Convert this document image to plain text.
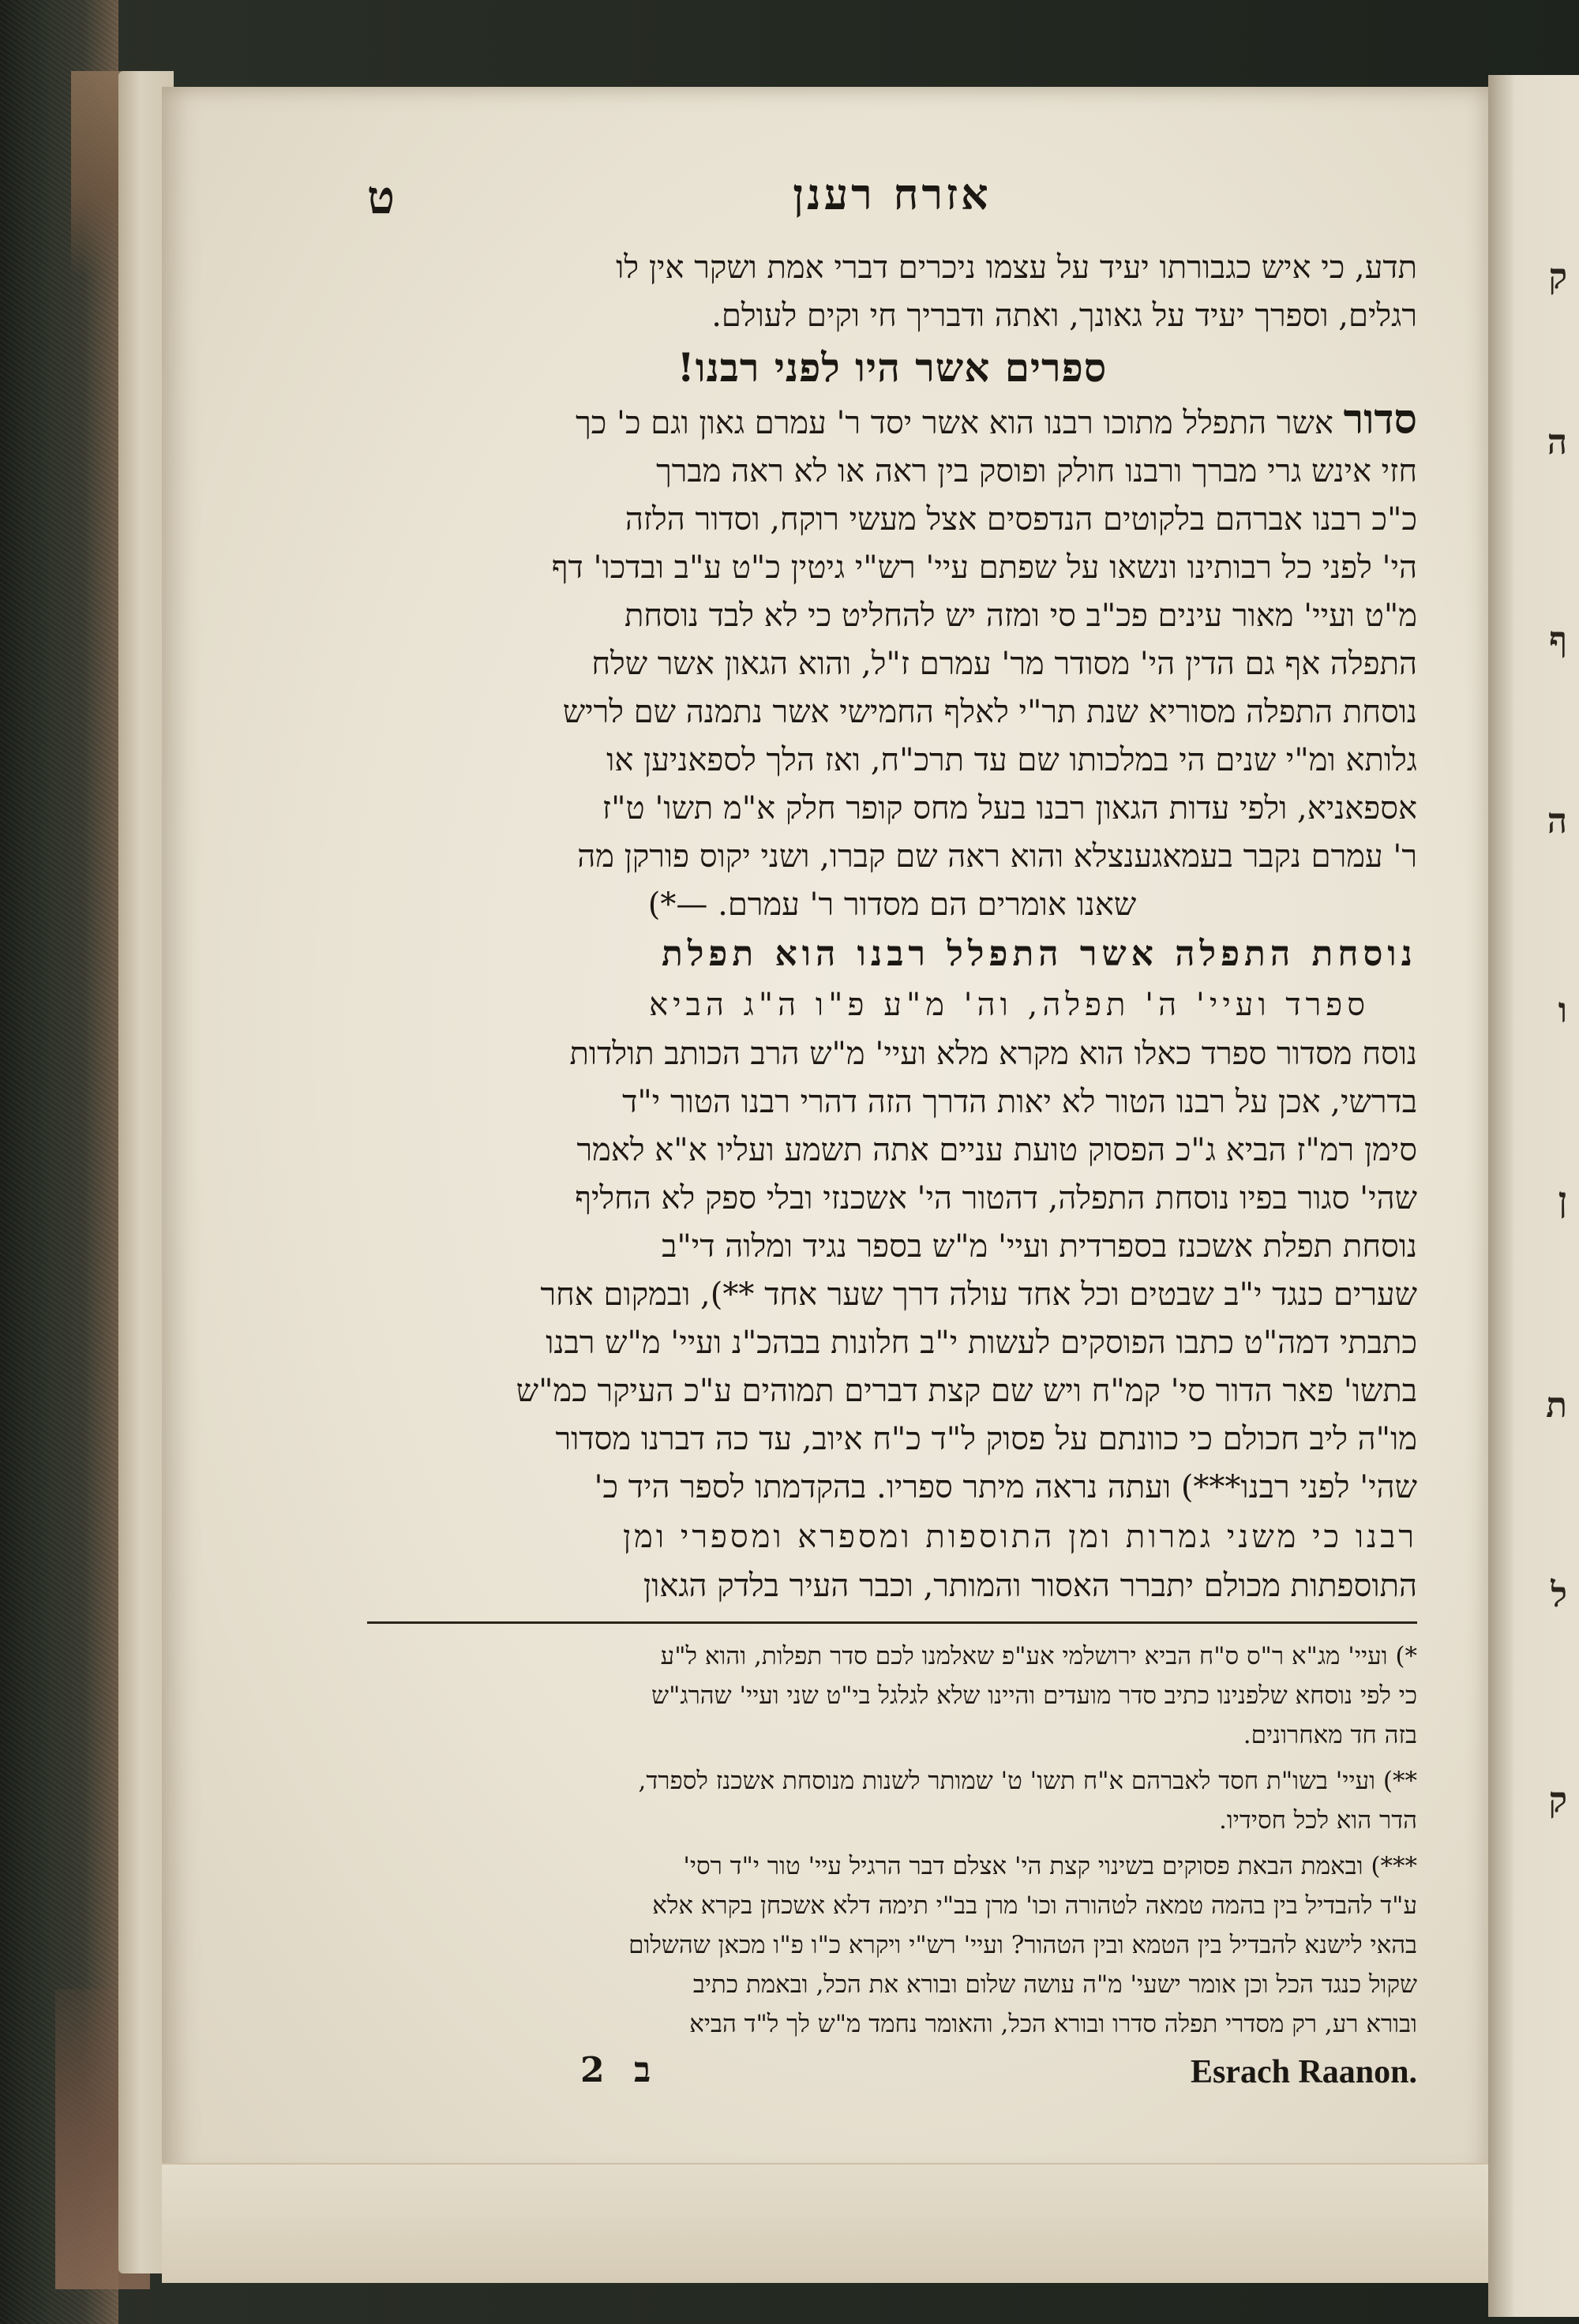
ק
ה
ף
ה
ו
ן
ת
ל
ק
אזרח רענן
ט
תדע, כי איש כגבורתו יעיד על עצמו ניכרים דברי אמת ושקר אין לו
רגלים, וספרך יעיד על גאונך, ואתה ודבריך חי וקים לעולם.
ספרים אשר היו לפני רבנו!
סדור אשר התפלל מתוכו רבנו הוא אשר יסד ר' עמרם גאון וגם כ' כך
חזי אינש גרי מברך ורבנו חולק ופוסק בין ראה או לא ראה מברך
כ"כ רבנו אברהם בלקוטים הנדפסים אצל מעשי רוקח, וסדור הלזה
הי' לפני כל רבותינו ונשאו על שפתם עיי' רש"י גיטין כ"ט ע"ב ובדכו' דף
מ"ט ועיי' מאור עינים פכ"ב סי ומזה יש להחליט כי לא לבד נוסחת
התפלה אף גם הדין הי' מסודר מר' עמרם ז"ל, והוא הגאון אשר שלח
נוסחת התפלה מסוריא שנת תר"י לאלף החמישי אשר נתמנה שם לריש
גלותא ומ"י שנים הי במלכותו שם עד תרכ"ח, ואז הלך לספאניען או
אספאניא, ולפי עדות הגאון רבנו בעל מחס קופר חלק א"מ תשו' ט"ז
ר' עמרם נקבר בעמאגענצלא והוא ראה שם קברו, ושני יקוס פורקן מה
שאנו אומרים הם מסדור ר' עמרם. —*)
נוסחת התפלה אשר התפלל רבנו הוא תפלת
ספרד ועיי' ה' תפלה, וה' מ"ע פ"ו ה"ג הביא
נוסח מסדור ספרד כאלו הוא מקרא מלא ועיי' מ"ש הרב הכותב תולדות
בדרשי, אכן על רבנו הטור לא יאות הדרך הזה דהרי רבנו הטור י"ד
סימן רמ"ז הביא ג"כ הפסוק טועת עניים אתה תשמע ועליו א"א לאמר
שהי' סגור בפיו נוסחת התפלה, דהטור הי' אשכנזי ובלי ספק לא החליף
נוסחת תפלת אשכנז בספרדית ועיי' מ"ש בספר נגיד ומלוה די"ב
שערים כנגד י"ב שבטים וכל אחד עולה דרך שער אחד **), ובמקום אחר
כתבתי דמה"ט כתבו הפוסקים לעשות י"ב חלונות בבהכ"נ ועיי' מ"ש רבנו
בתשו' פאר הדור סי' קמ"ח ויש שם קצת דברים תמוהים ע"כ העיקר כמ"ש
מו"ה ליב חכולם כי כוונתם על פסוק ל"ד כ"ח איוב, עד כה דברנו מסדור
שהי' לפני רבנו***) ועתה נראה מיתר ספריו. בהקדמתו לספר היד כ'
רבנו כי משני גמרות ומן התוספות ומספרא ומספרי ומן
התוספתות מכולם יתברר האסור והמותר, וכבר העיר בלדק הגאון
*) ועיי' מג"א ר"ס ס"ח הביא ירושלמי אע"פ שאלמנו לכם סדר תפלות, והוא ל"ע
כי לפי נוסחא שלפנינו כתיב סדר מועדים והיינו שלא לגלגל בי"ט שני ועיי' שהרג"ש
בזה חד מאחרונים.
**) ועיי' בשו"ת חסד לאברהם א"ח תשו' ט' שמותר לשנות מנוסחת אשכנז לספרד,
הדר הוא לכל חסידיו.
***) ובאמת הבאת פסוקים בשינוי קצת הי' אצלם דבר הרגיל עיי' טור י"ד רסי'
ע"ד להבדיל בין בהמה טמאה לטהורה וכו' מרן בב"י תימה דלא אשכחן בקרא אלא
בהאי לישנא להבדיל בין הטמא ובין הטהור? ועיי' רש"י ויקרא כ"ו פ"ו מכאן שהשלום
שקול כנגד הכל וכן אומר ישעי' מ"ה עושה שלום ובורא את הכל, ובאמת כתיב
ובורא רע, רק מסדרי תפלה סדרו ובורא הכל, והאומר נחמד מ"ש לך ל"ד הביא
Esrach Raanon.
2 ב
